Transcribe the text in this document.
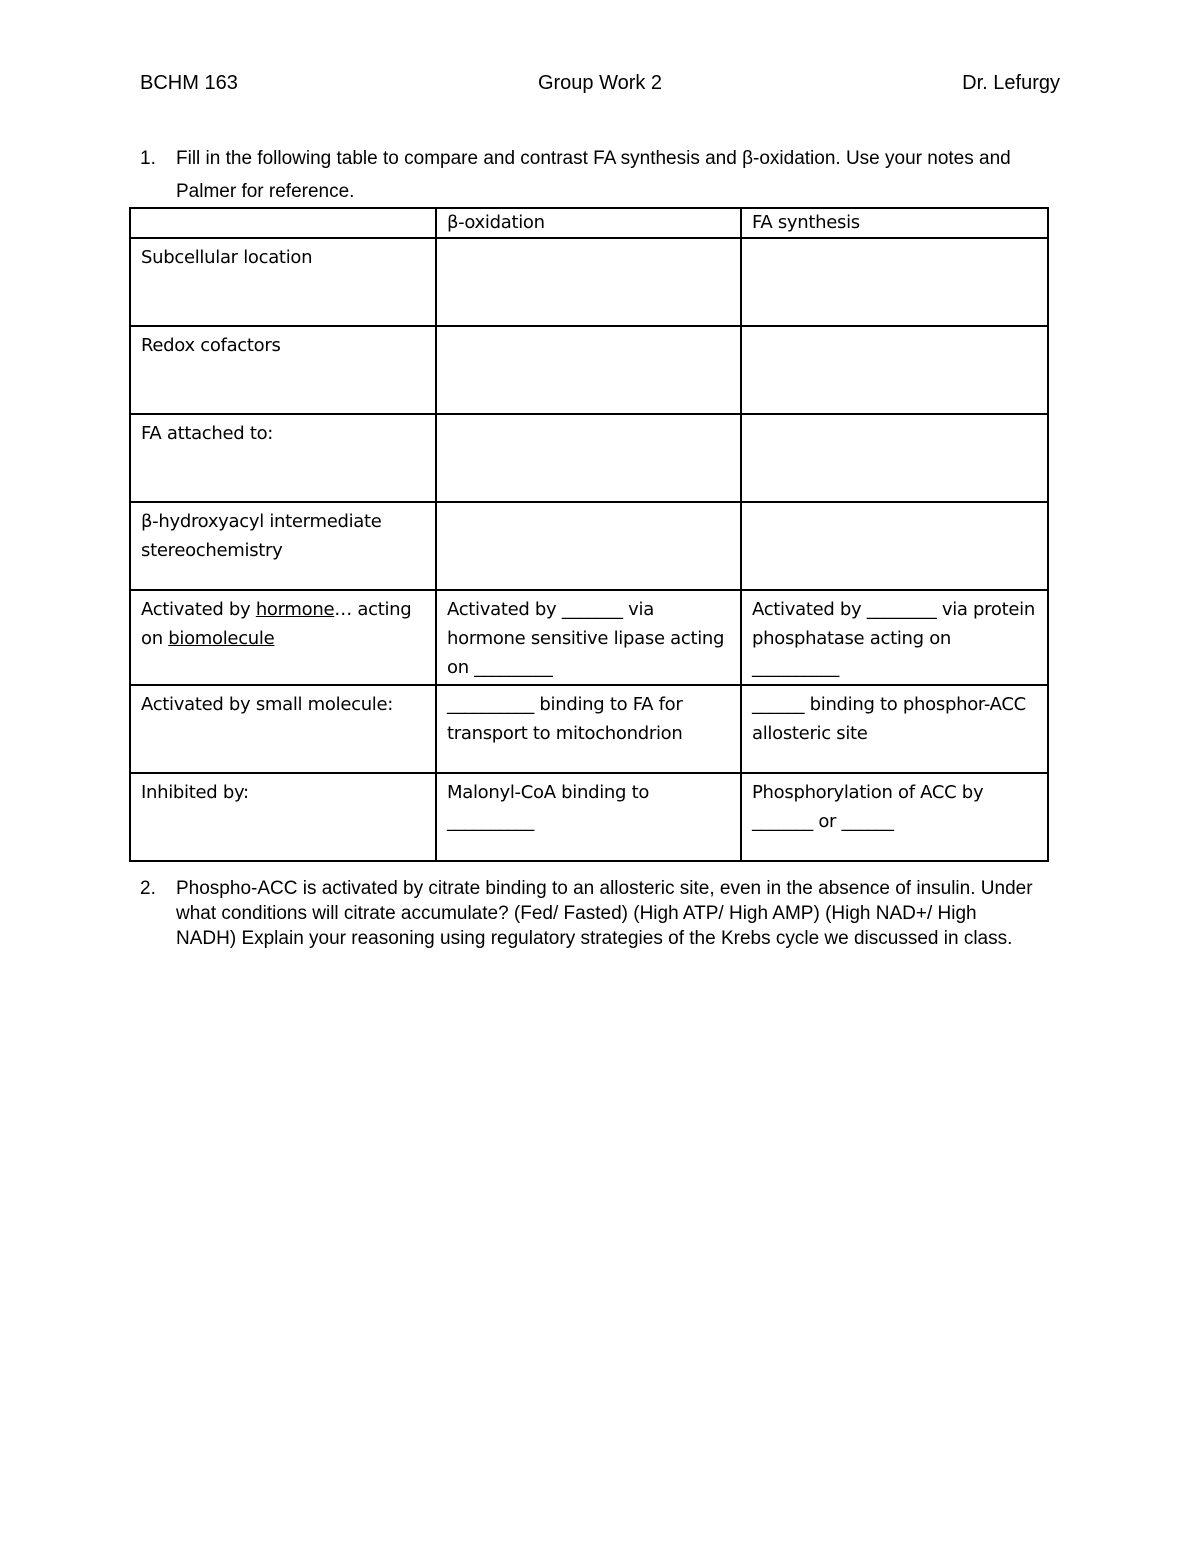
BCHM 163	Group Work 2	Dr. Lefurgy
1. Fill in the following table to compare and contrast FA synthesis and β-oxidation. Use your notes and Palmer for reference.
	β-oxidation	FA synthesis
Subcellular location		
Redox cofactors		
FA attached to:		
β-hydroxyacyl intermediate stereochemistry		
Activated by hormone… acting on biomolecule	Activated by _______ via hormone sensitive lipase acting on _________	Activated by ________ via protein phosphatase acting on __________
Activated by small molecule:	__________ binding to FA for transport to mitochondrion	______ binding to phosphor-ACC allosteric site
Inhibited by:	Malonyl-CoA binding to __________	Phosphorylation of ACC by _______ or ______
2. Phospho-ACC is activated by citrate binding to an allosteric site, even in the absence of insulin. Under what conditions will citrate accumulate? (Fed/ Fasted) (High ATP/ High AMP) (High NAD+/ High NADH) Explain your reasoning using regulatory strategies of the Krebs cycle we discussed in class.
